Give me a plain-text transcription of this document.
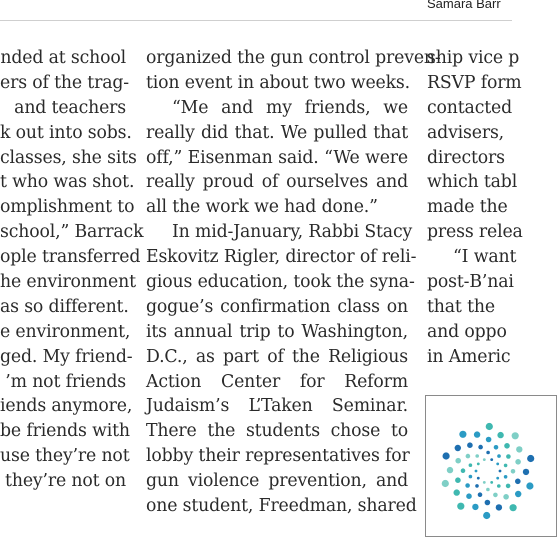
Samara Barr
nded at school
ers of the trag-
and teachers
k out into sobs.
classes, she sits
t who was shot.
omplishment to
school,” Barrack
ople transferred
he environment
as so different.
e environment,
ged. My friend-
’m not friends
iends anymore,
be friends with
use they’re not
they’re not on
organized the gun control preven-
tion event in about two weeks.
“Me and my friends, we
really did that. We pulled that
off,” Eisenman said. “We were
really proud of ourselves and
all the work we had done.”
In mid-January, Rabbi Stacy
Eskovitz Rigler, director of reli-
gious education, took the syna-
gogue’s confirmation class on
its annual trip to Washington,
D.C., as part of the Religious
Action Center for Reform
Judaism’s L’Taken Seminar.
There the students chose to
lobby their representatives for
gun violence prevention, and
one student, Freedman, shared
ship vice p
RSVP form
contacted
advisers,
directors
which tabl
made the
press relea
“I want
post-B’nai
that the
and oppo
in Americ
